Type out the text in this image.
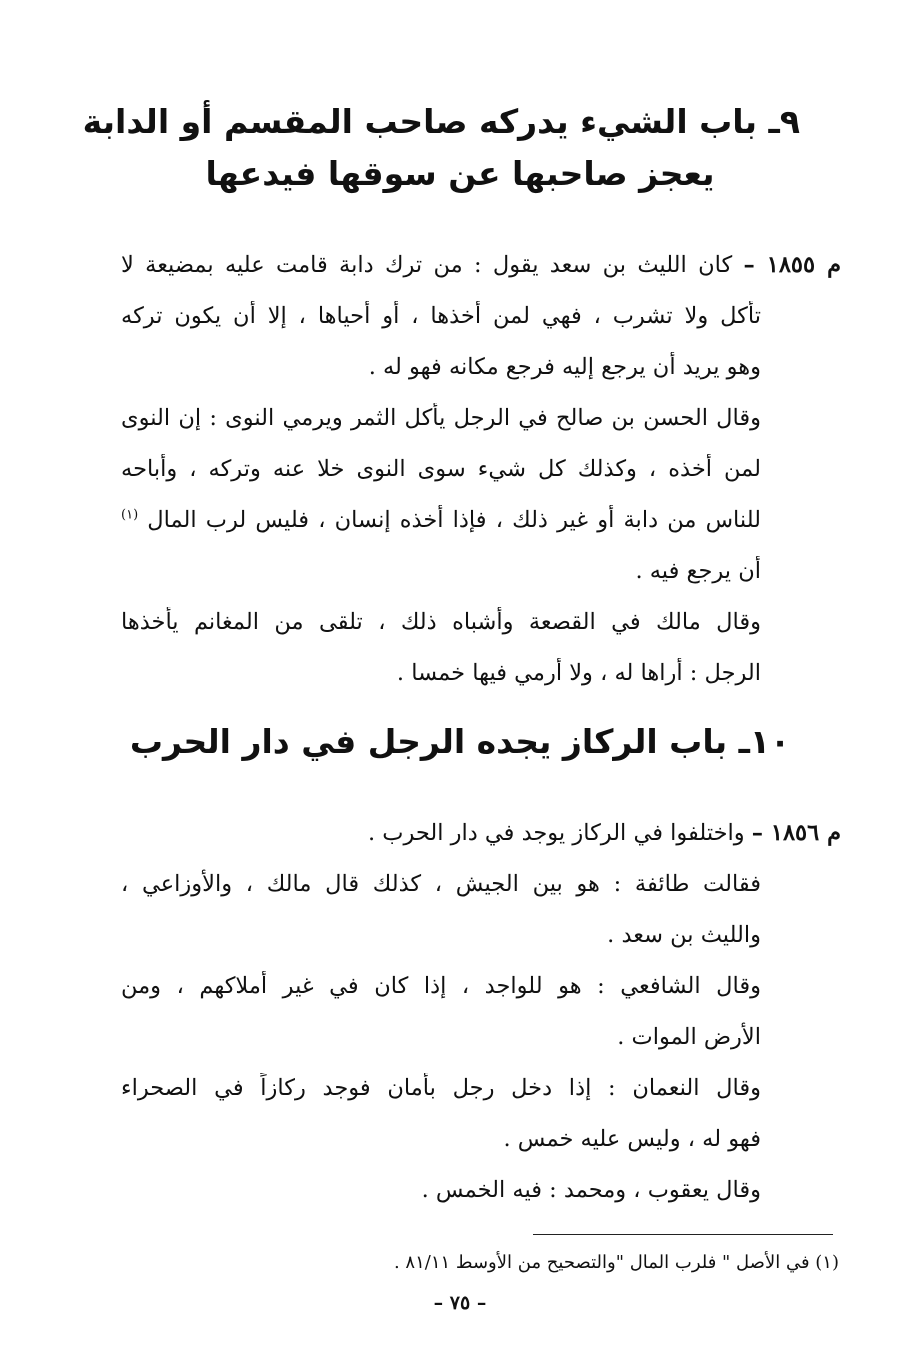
٩ـ باب الشيء يدركه صاحب المقسم أو الدابة
يعجز صاحبها عن سوقها فيدعها
م ١٨٥٥ – كان الليث بن سعد يقول : من ترك دابة قامت عليه بمضيعة لا
تأكل ولا تشرب ، فهي لمن أخذها ، أو أحياها ، إلا أن يكون تركه
وهو يريد أن يرجع إليه فرجع مكانه فهو له .
وقال الحسن بن صالح في الرجل يأكل الثمر ويرمي النوى : إن النوى
لمن أخذه ، وكذلك كل شيء سوى النوى خلا عنه وتركه ، وأباحه
للناس من دابة أو غير ذلك ، فإذا أخذه إنسان ، فليس لرب المال $^{(١)}$
أن يرجع فيه .
وقال مالك في القصعة وأشباه ذلك ، تلقى من المغانم يأخذها
الرجل : أراها له ، ولا أرمي فيها خمسا .
١٠ـ باب الركاز يجده الرجل في دار الحرب
م ١٨٥٦ – واختلفوا في الركاز يوجد في دار الحرب .
فقالت طائفة : هو بين الجيش ، كذلك قال مالك ، والأوزاعي ،
والليث بن سعد .
وقال الشافعي : هو للواجد ، إذا كان في غير أملاكهم ، ومن
الأرض الموات .
وقال النعمان : إذا دخل رجل بأمان فوجد ركازاً في الصحراء
فهو له ، وليس عليه خمس .
وقال يعقوب ، ومحمد : فيه الخمس .
(١) في الأصل " فلرب المال "والتصحيح من الأوسط ٨١/١١ .
– ٧٥ –
